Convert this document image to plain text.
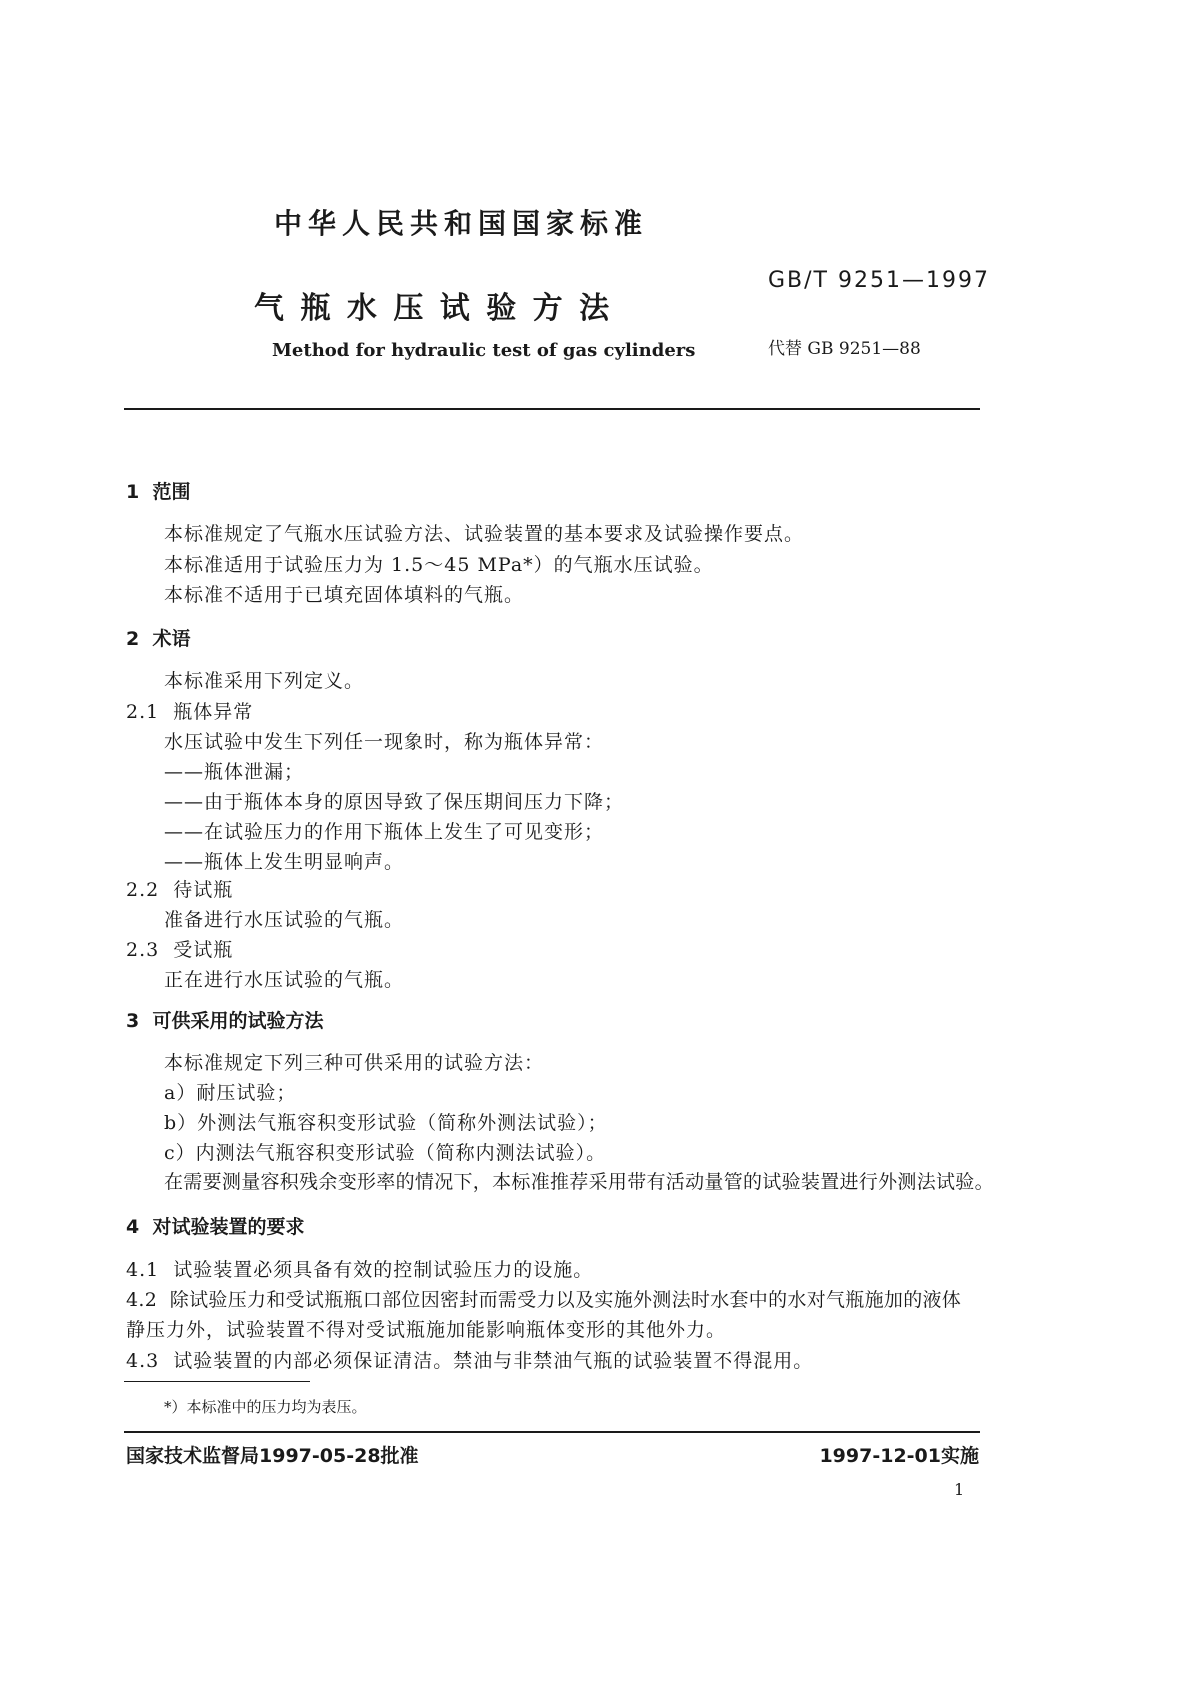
中华人民共和国国家标准
GB/T 9251—1997
气 瓶 水 压 试 验 方 法
代替 GB 9251—88
Method for hydraulic test of gas cylinders
1  范围
本标准规定了气瓶水压试验方法、试验装置的基本要求及试验操作要点。
本标准适用于试验压力为 1.5～45 MPa*）的气瓶水压试验。
本标准不适用于已填充固体填料的气瓶。
2  术语
本标准采用下列定义。
2.1  瓶体异常
水压试验中发生下列任一现象时，称为瓶体异常：
——瓶体泄漏；
——由于瓶体本身的原因导致了保压期间压力下降；
——在试验压力的作用下瓶体上发生了可见变形；
——瓶体上发生明显响声。
2.2  待试瓶
准备进行水压试验的气瓶。
2.3  受试瓶
正在进行水压试验的气瓶。
3  可供采用的试验方法
本标准规定下列三种可供采用的试验方法：
a）耐压试验；
b）外测法气瓶容积变形试验（简称外测法试验）；
c）内测法气瓶容积变形试验（简称内测法试验）。
在需要测量容积残余变形率的情况下，本标准推荐采用带有活动量管的试验装置进行外测法试验。
4  对试验装置的要求
4.1  试验装置必须具备有效的控制试验压力的设施。
4.2  除试验压力和受试瓶瓶口部位因密封而需受力以及实施外测法时水套中的水对气瓶施加的液体
静压力外，试验装置不得对受试瓶施加能影响瓶体变形的其他外力。
4.3  试验装置的内部必须保证清洁。禁油与非禁油气瓶的试验装置不得混用。
*）本标准中的压力均为表压。
国家技术监督局1997-05-28批准	1997-12-01实施
1
